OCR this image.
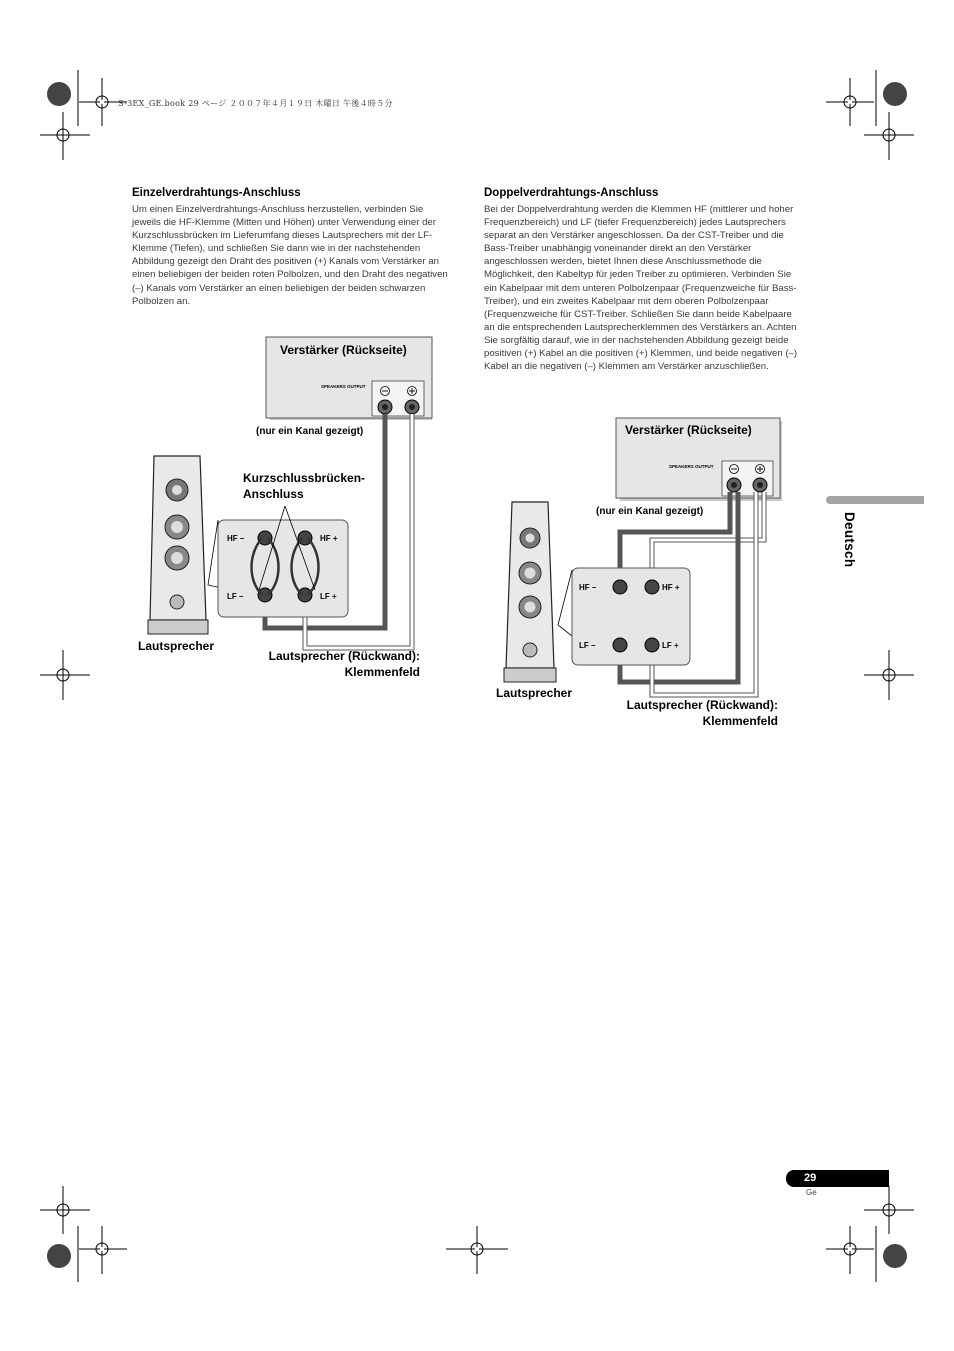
S-3EX_GE.book 29 ページ ２００７年４月１９日 木曜日 午後４時５分
Einzelverdrahtungs-Anschluss

Um einen Einzelverdrahtungs-Anschluss herzustellen, verbinden Sie jeweils die HF-Klemme (Mitten und Höhen) unter Verwendung einer der Kurzschlussbrücken im Lieferumfang dieses Lautsprechers mit der LF-Klemme (Tiefen), und schließen Sie dann wie in der nachstehenden Abbildung gezeigt den Draht des positiven (+) Kanals vom Verstärker an einen beliebigen der beiden roten Polbolzen, und den Draht des negativen (–) Kanals vom Verstärker an einen beliebigen der beiden schwarzen Polbolzen an.

Doppelverdrahtungs-Anschluss

Bei der Doppelverdrahtung werden die Klemmen HF (mittlerer und hoher Frequenzbereich) und LF (tiefer Frequenzbereich) jedes Lautsprechers separat an den Verstärker angeschlossen. Da der CST-Treiber und die Bass-Treiber unabhängig voneinander direkt an den Verstärker angeschlossen werden, bietet Ihnen diese Anschlussmethode die Möglichkeit, den Kabeltyp für jeden Treiber zu optimieren. Verbinden Sie ein Kabelpaar mit dem unteren Polbolzenpaar (Frequenzweiche für Bass-Treiber), und ein zweites Kabelpaar mit dem oberen Polbolzenpaar (Frequenzweiche für CST-Treiber. Schließen Sie dann beide Kabelpaare an die entsprechenden Lautsprecherklemmen des Verstärkers an. Achten Sie sorgfältig darauf, wie in der nachstehenden Abbildung gezeigt beide positiven (+) Kabel an die positiven (+) Klemmen, und beide negativen (–) Kabel an die negativen (–) Klemmen am Verstärker anzuschließen.

Verstärker (Rückseite)
SPEAKERS OUTPUT
(nur ein Kanal gezeigt)
HF –	HF +
LF –	LF +
Kurzschlussbrücken-
Anschluss
Lautsprecher
Lautsprecher (Rückwand):
Klemmenfeld
Verstärker (Rückseite)
SPEAKERS OUTPUT
(nur ein Kanal gezeigt)
HF –	HF +
LF –	LF +
Lautsprecher
Lautsprecher (Rückwand):
Klemmenfeld
Deutsch
29
Ge
